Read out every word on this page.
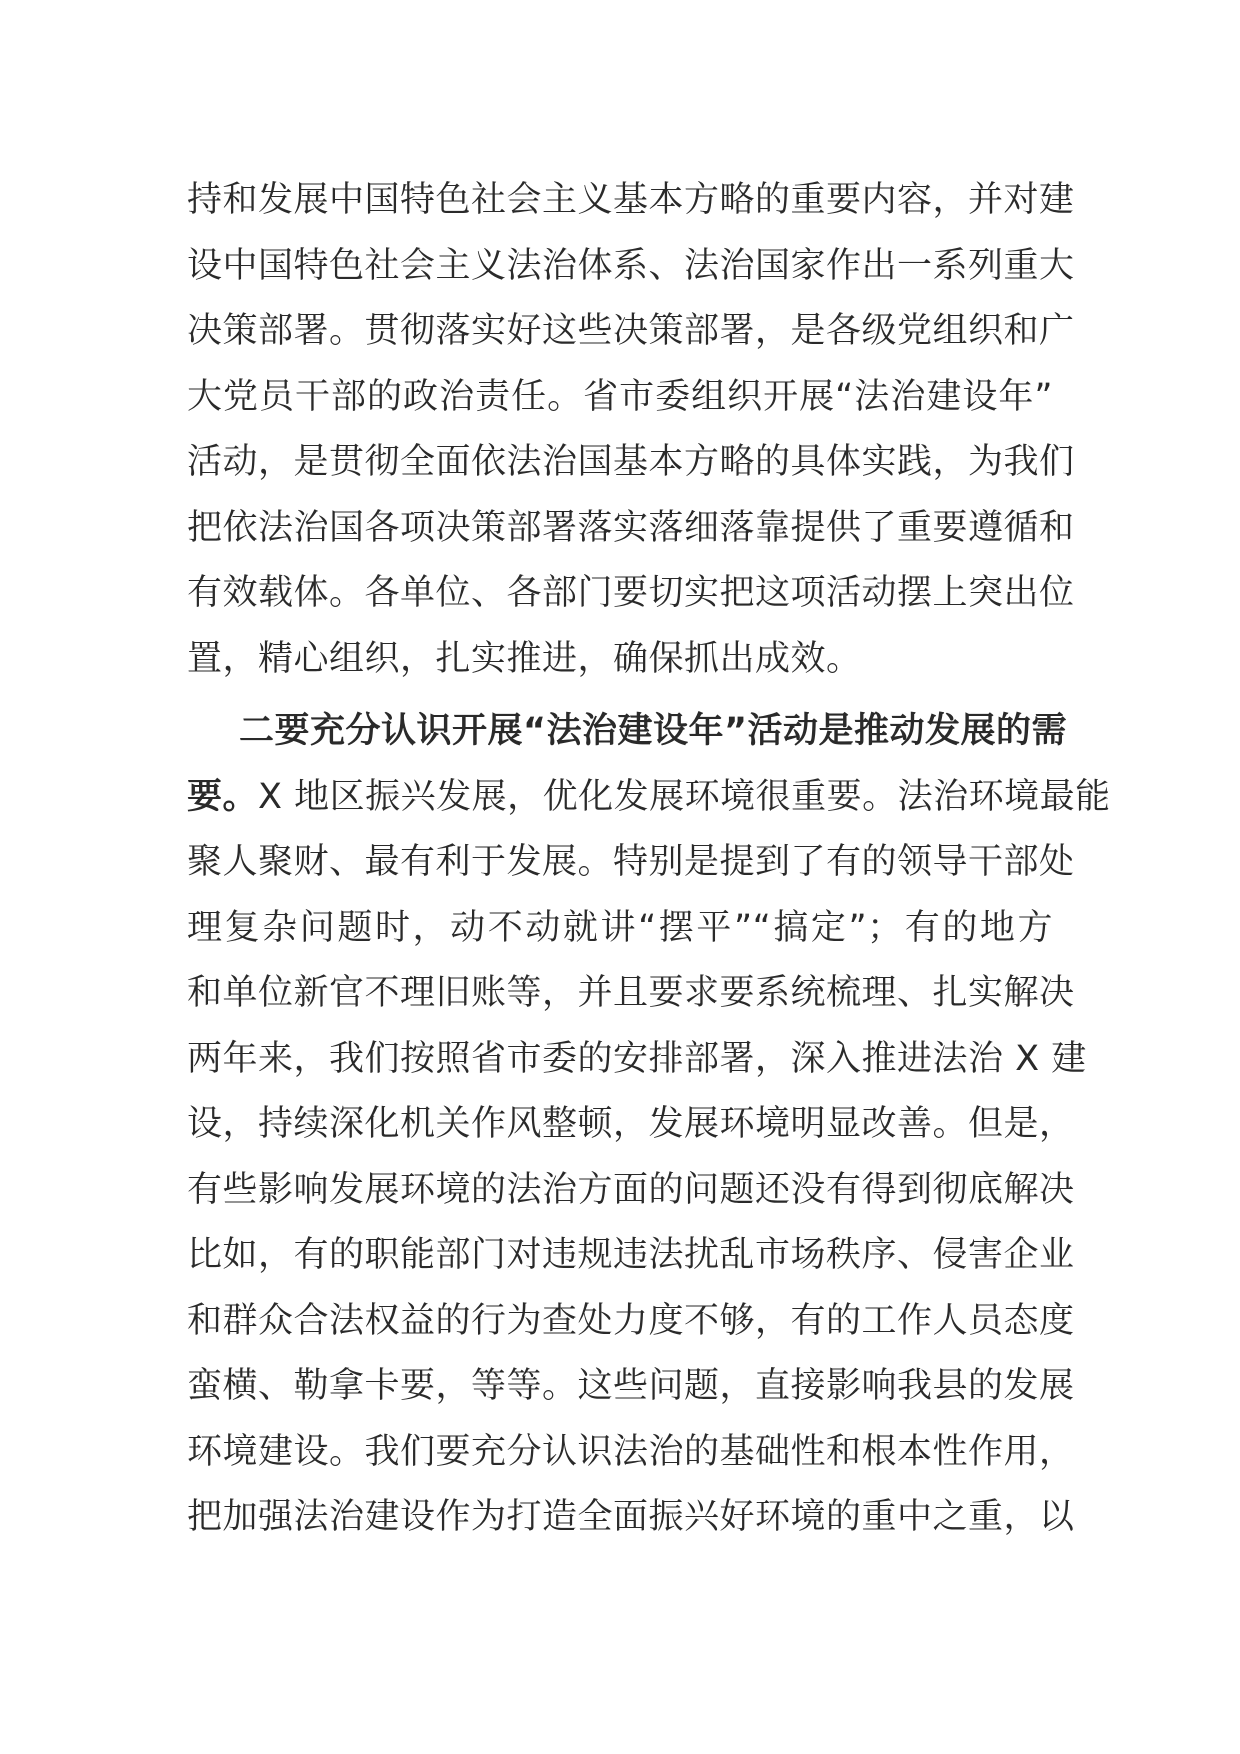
持和发展中国特色社会主义基本方略的重要内容，并对建
设中国特色社会主义法治体系、法治国家作出一系列重大
决策部署。贯彻落实好这些决策部署，是各级党组织和广
大党员干部的政治责任。省市委组织开展“法治建设年”
活动，是贯彻全面依法治国基本方略的具体实践，为我们
把依法治国各项决策部署落实落细落靠提供了重要遵循和
有效载体。各单位、各部门要切实把这项活动摆上突出位
置，精心组织，扎实推进，确保抓出成效。
二要充分认识开展“法治建设年”活动是推动发展的需
要。X 地区振兴发展，优化发展环境很重要。法治环境最能
聚人聚财、最有利于发展。特别是提到了有的领导干部处
理复杂问题时，动不动就讲“摆平”“搞定”；有的地方
和单位新官不理旧账等，并且要求要系统梳理、扎实解决
两年来，我们按照省市委的安排部署，深入推进法治 X 建
设，持续深化机关作风整顿，发展环境明显改善。但是，
有些影响发展环境的法治方面的问题还没有得到彻底解决
比如，有的职能部门对违规违法扰乱市场秩序、侵害企业
和群众合法权益的行为查处力度不够，有的工作人员态度
蛮横、勒拿卡要，等等。这些问题，直接影响我县的发展
环境建设。我们要充分认识法治的基础性和根本性作用，
把加强法治建设作为打造全面振兴好环境的重中之重，以
